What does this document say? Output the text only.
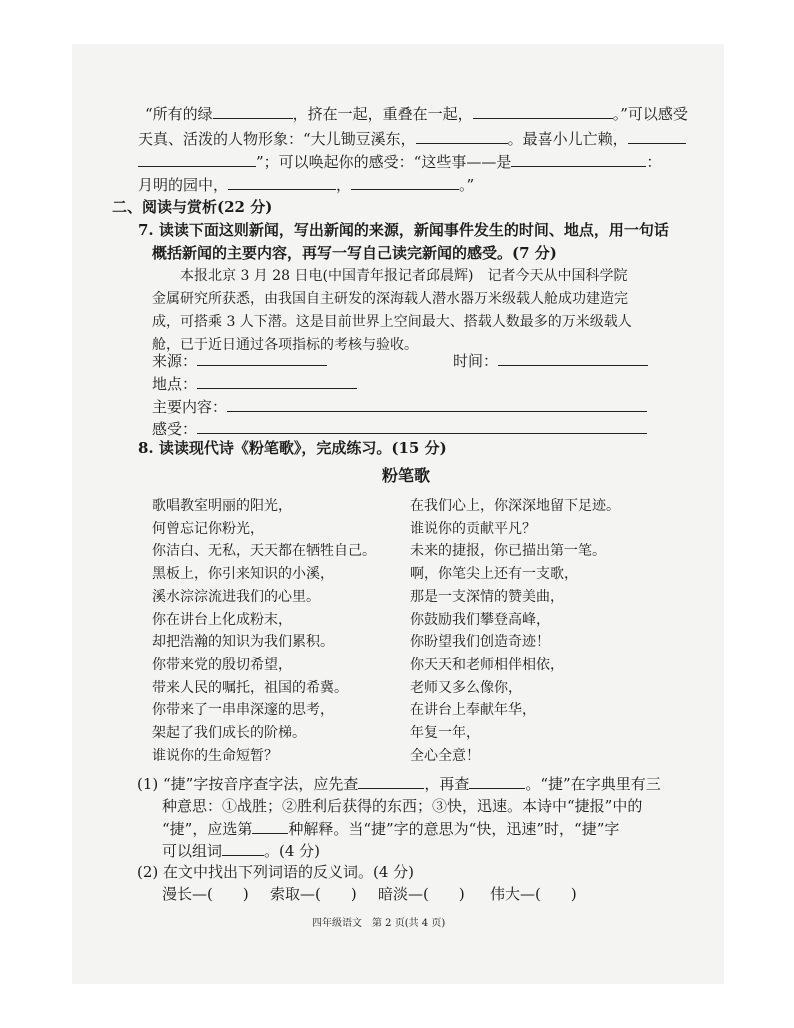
“所有的绿	，挤在一起，重叠在一起，	。”可以感受
天真、活泼的人物形象：“大儿锄豆溪东，	。最喜小儿亡赖，
”；可以唤起你的感受：“这些事——是	：
月明的园中，	，	。”
二、阅读与赏析(22 分)
7. 读读下面这则新闻，写出新闻的来源，新闻事件发生的时间、地点，用一句话
概括新闻的主要内容，再写一写自己读完新闻的感受。(7 分)
本报北京 3 月 28 日电(中国青年报记者邱晨辉)　记者今天从中国科学院
金属研究所获悉，由我国自主研发的深海载人潜水器万米级载人舱成功建造完
成，可搭乘 3 人下潜。这是目前世界上空间最大、搭载人数最多的万米级载人
舱，已于近日通过各项指标的考核与验收。
来源：	时间：
地点：
主要内容：
感受：
8. 读读现代诗《粉笔歌》，完成练习。(15 分)
粉笔歌
(1) “捷”字按音序查字法，应先查	，再查	。“捷”在字典里有三
种意思：①战胜；②胜利后获得的东西；③快，迅速。本诗中“捷报”中的
“捷”，应选第 种解释。当“捷”字的意思为“快，迅速”时，“捷”字
可以组词	。(4 分)
(2) 在文中找出下列词语的反义词。(4 分)
漫长—(　　) 索取—(　　) 暗淡—(　　) 伟大—(　　)
四年级语文　第 2 页(共 4 页)
歌唱教室明丽的阳光，
何曾忘记你粉光，
你洁白、无私，天天都在牺牲自己。
黑板上，你引来知识的小溪，
溪水淙淙流进我们的心里。
你在讲台上化成粉末，
却把浩瀚的知识为我们累积。
你带来党的殷切希望，
带来人民的嘱托，祖国的希冀。
你带来了一串串深邃的思考，
架起了我们成长的阶梯。
谁说你的生命短暂？
在我们心上，你深深地留下足迹。
谁说你的贡献平凡？
未来的捷报，你已描出第一笔。
啊，你笔尖上还有一支歌，
那是一支深情的赞美曲，
你鼓励我们攀登高峰，
你盼望我们创造奇迹！
你天天和老师相伴相依，
老师又多么像你，
在讲台上奉献年华，
年复一年，
全心全意！
